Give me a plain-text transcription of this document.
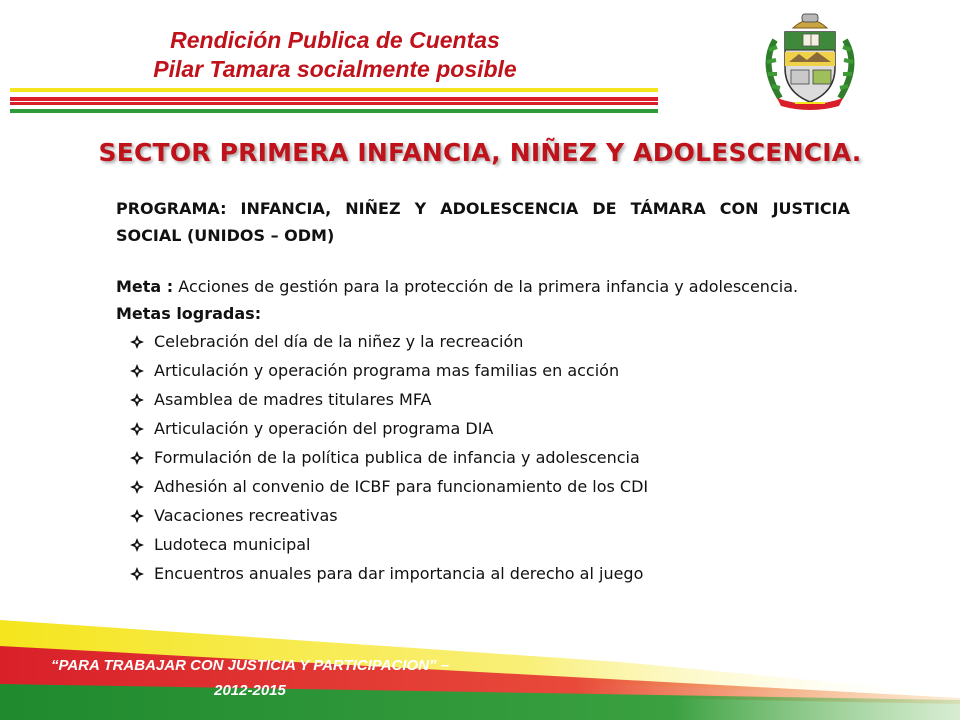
Rendición Publica de Cuentas
Pilar Tamara socialmente posible
SECTOR PRIMERA INFANCIA, NIÑEZ Y ADOLESCENCIA.

PROGRAMA: INFANCIA, NIÑEZ Y ADOLESCENCIA DE TÁMARA CON JUSTICIA SOCIAL (UNIDOS – ODM)

Meta : Acciones de gestión para la protección de la primera infancia y adolescencia.

Metas logradas:
Celebración del día de la niñez y la recreación
Articulación y operación programa mas familias en acción
Asamblea de madres titulares MFA
Articulación y operación del programa DIA
Formulación de la política publica de infancia y adolescencia
Adhesión al convenio de ICBF para funcionamiento de los CDI
Vacaciones recreativas
Ludoteca municipal
Encuentros anuales para dar importancia al derecho al juego
“PARA TRABAJAR CON JUSTICIA Y PARTICIPACION” –
2012-2015
